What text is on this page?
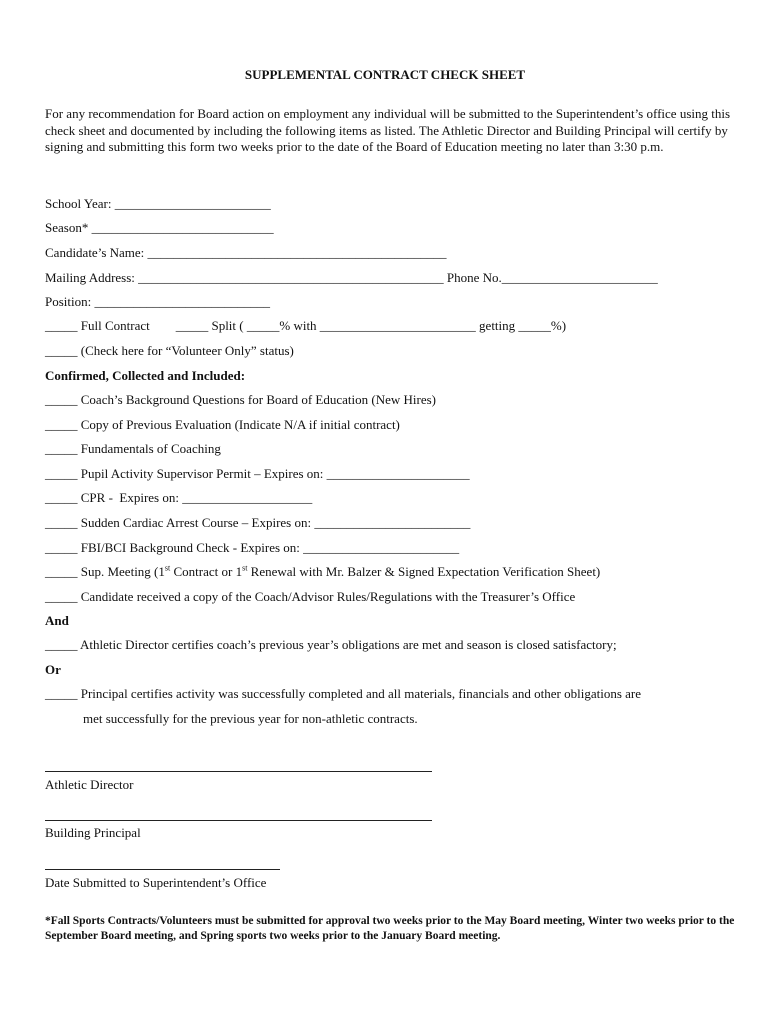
SUPPLEMENTAL CONTRACT CHECK SHEET
For any recommendation for Board action on employment any individual will be submitted to the Superintendent’s office using this check sheet and documented by including the following items as listed. The Athletic Director and Building Principal will certify by signing and submitting this form two weeks prior to the date of the Board of Education meeting no later than 3:30 p.m.
School Year: ________________________
Season* ____________________________
Candidate’s Name: ______________________________________________
Mailing Address: _______________________________________________ Phone No.________________________
Position: ___________________________
_____ Full Contract        _____ Split ( _____% with ________________________ getting _____%)
_____ (Check here for “Volunteer Only” status)
Confirmed, Collected and Included:
_____ Coach’s Background Questions for Board of Education (New Hires)
_____ Copy of Previous Evaluation (Indicate N/A if initial contract)
_____ Fundamentals of Coaching
_____ Pupil Activity Supervisor Permit – Expires on: ______________________
_____ CPR -  Expires on: ____________________
_____ Sudden Cardiac Arrest Course – Expires on: ________________________
_____ FBI/BCI Background Check - Expires on: ________________________
_____ Sup. Meeting (1st Contract or 1st Renewal with Mr. Balzer & Signed Expectation Verification Sheet)
_____ Candidate received a copy of the Coach/Advisor Rules/Regulations with the Treasurer’s Office
And
_____ Athletic Director certifies coach’s previous year’s obligations are met and season is closed satisfactory;
Or
_____ Principal certifies activity was successfully completed and all materials, financials and other obligations are
met successfully for the previous year for non-athletic contracts.
Athletic Director
Building Principal
Date Submitted to Superintendent’s Office
*Fall Sports Contracts/Volunteers must be submitted for approval two weeks prior to the May Board meeting, Winter two weeks prior to the September Board meeting, and Spring sports two weeks prior to the January Board meeting.
